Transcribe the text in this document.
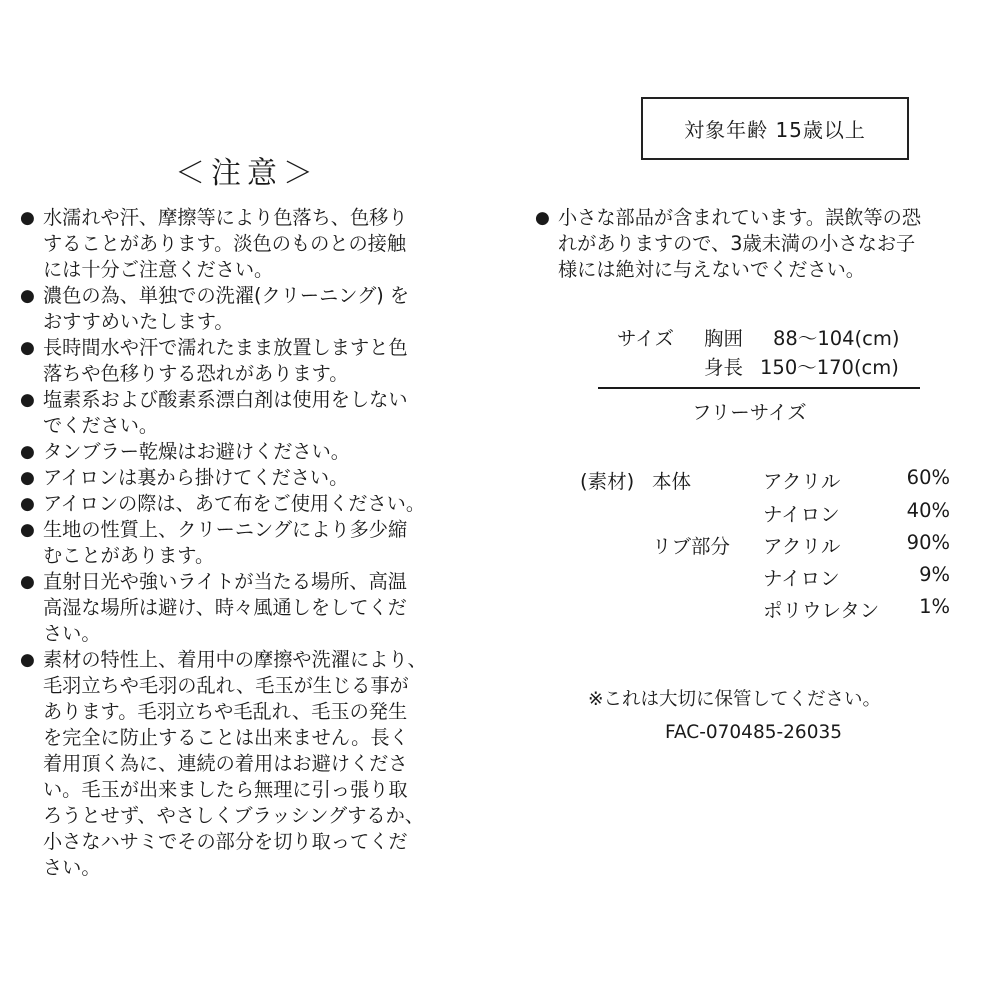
＜注意＞
● 水濡れや汗、摩擦等により色落ち、色移り
することがあります。淡色のものとの接触
には十分ご注意ください。
● 濃色の為、単独での洗濯(クリーニング) を
おすすめいたします。
● 長時間水や汗で濡れたまま放置しますと色
落ちや色移りする恐れがあります。
● 塩素系および酸素系漂白剤は使用をしない
でください。
● タンブラー乾燥はお避けください。
● アイロンは裏から掛けてください。
● アイロンの際は、あて布をご使用ください。
● 生地の性質上、クリーニングにより多少縮
むことがあります。
● 直射日光や強いライトが当たる場所、高温
高湿な場所は避け、時々風通しをしてくだ
さい。
● 素材の特性上、着用中の摩擦や洗濯により、
毛羽立ちや毛羽の乱れ、毛玉が生じる事が
あります。毛羽立ちや毛乱れ、毛玉の発生
を完全に防止することは出来ません。長く
着用頂く為に、連続の着用はお避けくださ
い。毛玉が出来ましたら無理に引っ張り取
ろうとせず、やさしくブラッシングするか、
小さなハサミでその部分を切り取ってくだ
さい。
対象年齢 15歳以上
● 小さな部品が含まれています。誤飲等の恐
れがありますので、3歳未満の小さなお子
様には絶対に与えないでください。
サイズ 胸囲 88～104(cm)
身長 150～170(cm)
フリーサイズ
(素材) 本体	アクリル	60%
ナイロン	40%
リブ部分 アクリル	90%
ナイロン	9%
ポリウレタン	1%
※これは大切に保管してください。
FAC-070485-26035
